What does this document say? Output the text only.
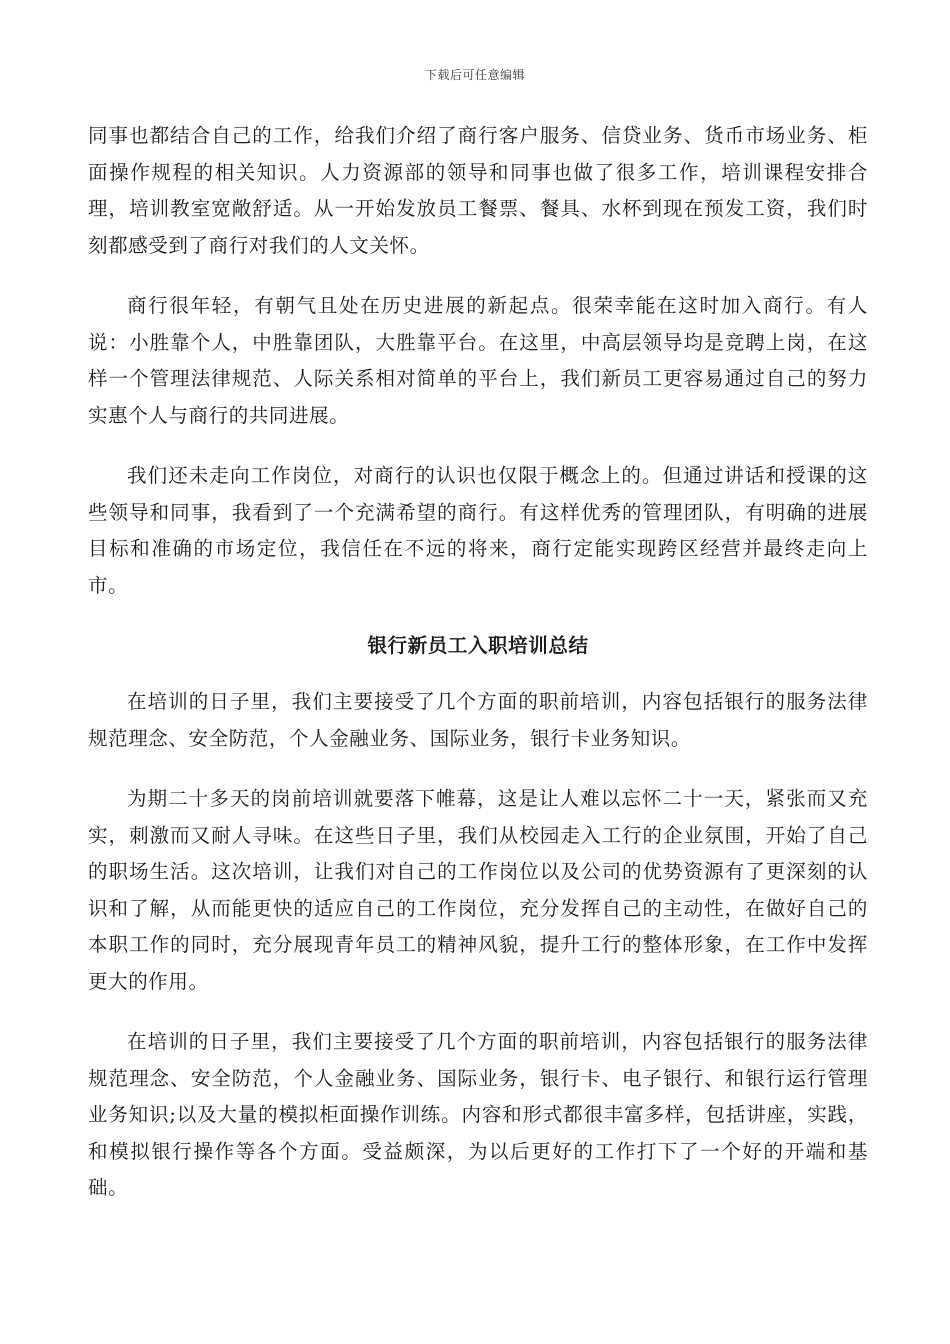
下载后可任意编辑

同事也都结合自己的工作，给我们介绍了商行客户服务、信贷业务、货币市场业务、柜面操作规程的相关知识。人力资源部的领导和同事也做了很多工作，培训课程安排合理，培训教室宽敞舒适。从一开始发放员工餐票、餐具、水杯到现在预发工资，我们时刻都感受到了商行对我们的人文关怀。

商行很年轻，有朝气且处在历史进展的新起点。很荣幸能在这时加入商行。有人说：小胜靠个人，中胜靠团队，大胜靠平台。在这里，中高层领导均是竞聘上岗，在这样一个管理法律规范、人际关系相对简单的平台上，我们新员工更容易通过自己的努力实惠个人与商行的共同进展。

我们还未走向工作岗位，对商行的认识也仅限于概念上的。但通过讲话和授课的这些领导和同事，我看到了一个充满希望的商行。有这样优秀的管理团队，有明确的进展目标和准确的市场定位，我信任在不远的将来，商行定能实现跨区经营并最终走向上市。

银行新员工入职培训总结

在培训的日子里，我们主要接受了几个方面的职前培训，内容包括银行的服务法律规范理念、安全防范，个人金融业务、国际业务，银行卡业务知识。

为期二十多天的岗前培训就要落下帷幕，这是让人难以忘怀二十一天，紧张而又充实，刺激而又耐人寻味。在这些日子里，我们从校园走入工行的企业氛围，开始了自己的职场生活。这次培训，让我们对自己的工作岗位以及公司的优势资源有了更深刻的认识和了解，从而能更快的适应自己的工作岗位，充分发挥自己的主动性，在做好自己的本职工作的同时，充分展现青年员工的精神风貌，提升工行的整体形象，在工作中发挥更大的作用。

在培训的日子里，我们主要接受了几个方面的职前培训，内容包括银行的服务法律规范理念、安全防范，个人金融业务、国际业务，银行卡、电子银行、和银行运行管理业务知识;以及大量的模拟柜面操作训练。内容和形式都很丰富多样，包括讲座，实践，和模拟银行操作等各个方面。受益颇深，为以后更好的工作打下了一个好的开端和基础。
